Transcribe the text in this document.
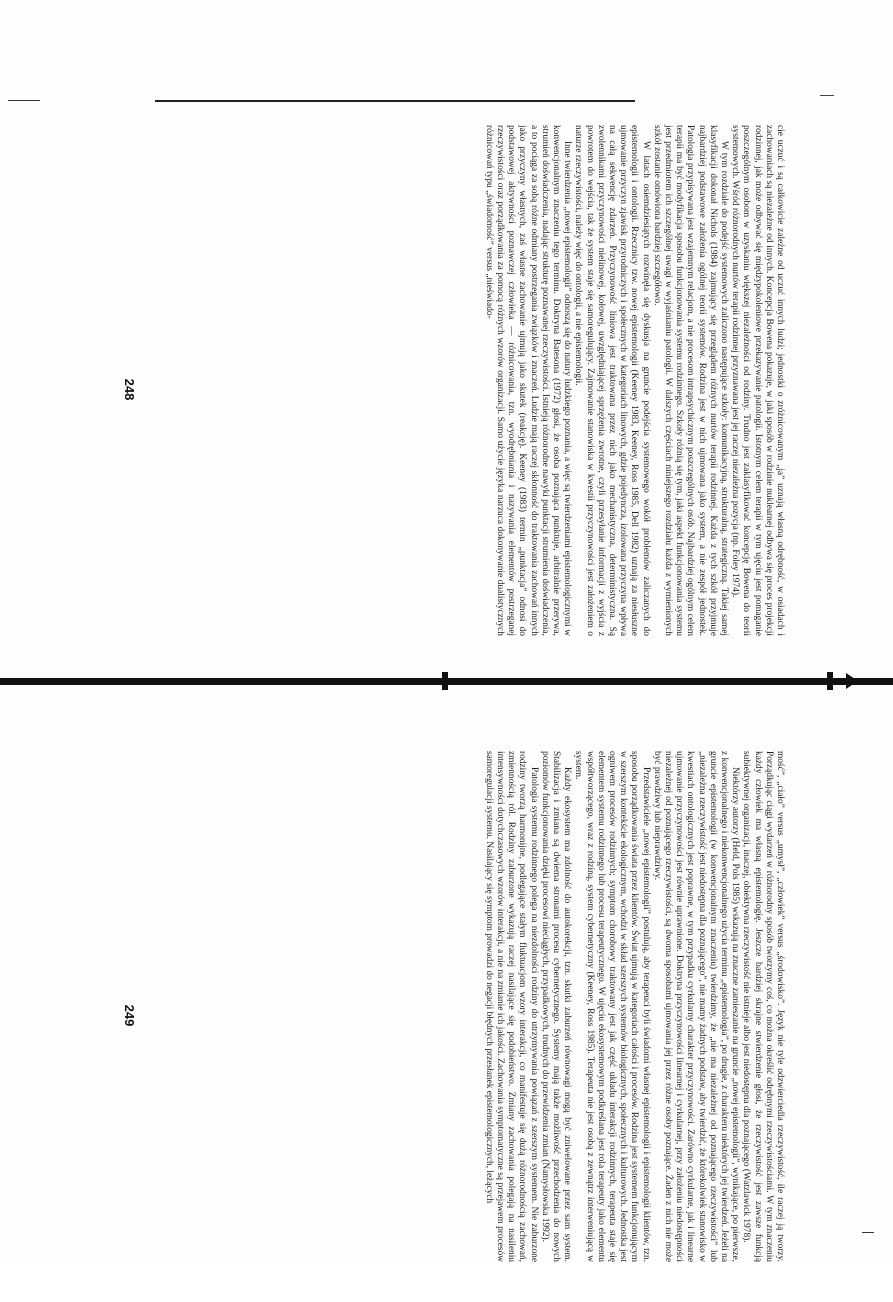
cie uczuć i są całkowicie zależne od uczuć innych ludzi; jednostki o zróżnicowanym „ja” uznają własną odrębność, w osiadach i zachowaniach są niezależne od innych. Koncepcja Bowena pokazuje, w jaki sposób w rodzinie nuklearnej odbywa się proces projekcji rodzinnej, jak może odbywać się międzypokoleniowe przekazywanie patologii. Istotnym celem terapii w tym ujęciu jest pomaganie poszczególnym osobom w uzyskaniu większej niezależności od rodziny. Trudno jest zaklasyfikować koncepcję Bowena do teorii systemowych. Wśród różnorodnych nurtów terapii rodzinnej przyznawana jest jej raczej niezależna pozycja (np. Foley 1974).

W tym rozdziale do podejść systemowych zaliczono następujące szkoły: komunikacyjną, strukturalną, strategiczną. Takiej samej klasyfikacji dokonał Nichols (1984) zajmujący się przeglądem różnych nurtów terapii rodzinnej. Każda z tych szkół przyjmuje najbardziej podstawowe założenia ogólnej teorii systemów. Rodzina jest w nich ujmowana jako system, a nie zespół jednostek. Patologia przypisywana jest wzajemnym relacjom, a nie procesom intrapsychicznym poszczególnych osób. Najbardziej ogólnym celem terapii ma być modyfikacja sposobu funkcjonowania systemu rodzinnego. Szkoły różnią się tym, jaki aspekt funkcjonowania systemu jest przedmiotem ich szczególnej uwagi w wyjaśnianiu patologii. W dalszych częściach niniejszego rozdziału każda z wymienionych szkół zostanie omówiona bardziej szczegółowo.

W latach osiemdziesiątych rozwinęła się dyskusja na gruncie podejścia systemowego wokół problemów zaliczanych do epistemologii i ontologii. Rzecznicy tzw. nowej epistemologii (Keeney 1983, Keeney, Ross 1985, Dell 1982) uznają za niesłuszne ujmowanie przyczyn zjawisk przyrodniczych i społecznych w kategoriach linowych, gdzie pojedyncza, izolowana przyczyna wpływa na całą sekwencję zdarzeń. Przyczynowość liniowa jest traktowana przez nich jako mechanistyczna, deterministyczna. Są zwolennikami przyczynowości nielinowej, kołowej, uwzględniającej sprzężenia zwrotne, czyli przesyłanie informacji z wyjścia z powrotem do wejścia, tak że system staje się samoregulujący. Zajmowanie stanowiska w kwestii przyczynowości jest założeniem o naturze rzeczywistości, należy więc do ontologii, a nie epistemologii.

Inne twierdzenia „nowej epistemologii” odnoszą się do natury ludzkiego poznania, a więc są twierdzeniami epistemologicznymi w konwencjonalnym znaczeniu tego terminu. Doktryna Batesona (1972) głosi, że osoba poznająca punktuje, arbitralnie przerywa, strumień doświadczenia, nadając strukturę poznawanej rzeczywistości. Istnieją różnorodne nawyki punktacji strumienia doświadczenia, a to pociąga za sobą różne odmiany postrzegania związków i znaczeń. Ludzie mają raczej skłonność do traktowania zachowań innych jako przyczyny własnych, zaś własne zachowanie ujmują jako skutek (reakcję). Keeney (1983) termin „punktacja” odnosi do podstawowej aktywności poznawczej człowieka — różnicowania, tzn. wyodrębniania i nazywania elementów postrzeganej rzeczywistości oraz porządkowania za pomocą różnych wzorów organizacji. Samo użycie języka narzuca dokonywanie dualistycznych różnicowań typu „świadomość” versus „nieświado-

248

mość”, „ciało” versus „umysł”, „człowiek” versus „środowisko”. Język nie tyle odzwierciedla rzeczywistość, ile raczej ją tworzy. Porządkując ciągi wydarzeń w różnorodny sposób tworzymy coś, co można określić odrębnymi rzeczywistościami. W tym znaczeniu każdy człowiek ma własną epistemologię. Jeszcze bardziej skrajne stwierdzenie głosi, że rzeczywistość jest zawsze funkcją subiektywnej organizacji, inaczej, obiektywna rzeczywistość nie istnieje albo jest niedostępna dla poznającego (Watzlawick 1978).

Niektórzy autorzy (Held, Pols 1985) wskazują na znaczne zamieszanie na gruncie „nowej epistemologii”, wynikające, po pierwsze, z konwencjonalnego i niekonwencjonalnego użycia terminu „epistemologia”, po drugie, z charakteru niektórych jej twierdzeń. Jeżeli na gruncie epistemologii (w konwencjonalnym znaczeniu) twierdzimy, że „nie ma niezależnej od poznającego rzeczywistości” lub „niezależna rzeczywistość jest niedostępna dla poznającego”, nie mamy żadnych podstaw, aby twierdzić, że którekolwiek stanowisko w kwestiach ontologicznych jest poprawne, w tym przypadku cyrkularny charakter przyczynowości. Zarówno cyrkularne, jak i linearne ujmowanie przyczynowości jest równie uprawnione. Doktryna przyczynowości linearnej i cyrkularnej, przy założeniu niedostępności niezależnej od poznającego rzeczywistości, są dwoma sposobami ujmowania jej przez różne osoby poznające. Żaden z nich nie może być prawdziwy lub nieprawdziwy.

Przedstawiciele „nowej epistemologii” postulują, aby terapeuci byli świadomi własnej epistemologii i epistemologii klientów, tzn. sposobu porządkowania świata przez klientów. Świat ujmują w kategoriach całości i procesów. Rodzina jest systemem funkcjonującym w szerszym kontekście ekologicznym, wchodzi w skład szerszych systemów biologicznych, społecznych i kulturowych. Jednostka jest ogniwem procesów rodzinnych; symptom chorobowy traktowany jest jak część układu interakcji rodzinnych, terapeuta staje się elementem systemu rodzinnego lub procesu terapeutycznego. W ujęciu ekosystemowym podkreślana jest rola terapeuty jako elementu współtworzącego, wraz z rodziną, system cybernetyczny (Keeney, Ross 1985). Terapeuta nie jest osobą z zewnątrz interweniującą w system.

Każdy ekosystem ma zdolność do autokorekcji, tzn. skutki zaburzeń równowagi mogą być zniwelowane przez sam system. Stabilizacja i zmiana są dwiema stronami procesu cybernetycznego. Systemy mają także możliwość przechodzenia do nowych poziomów funkcjonowania dzięki procesowi nieciągłych, przypadkowych, trudnych do przewidzenia zmian (Namysłowska 1992).

Patologia systemu rodzinnego polega na niezdolności rodziny do utrzymywania powiązań z szerszym systemem. Nie zaburzone rodziny tworzą harmonijne, podlegające stałym fluktuacjom wzory interakcji, co manifestuje się dużą różnorodnością zachowań, zmiennością ról. Rodziny zaburzone wykazują raczej nasilające się podobieństwo. Zmiany zachowania polegają na nasileniu intensywności dotychczasowych wzorów interakcji, a nie na zmianie ich jakości. Zachowania symptomatyczne są przejawem procesów samoregulacji systemu. Nasilający się symptom prowadzi do negacji błędnych przesłanek epistemologicznych, leżących

249
